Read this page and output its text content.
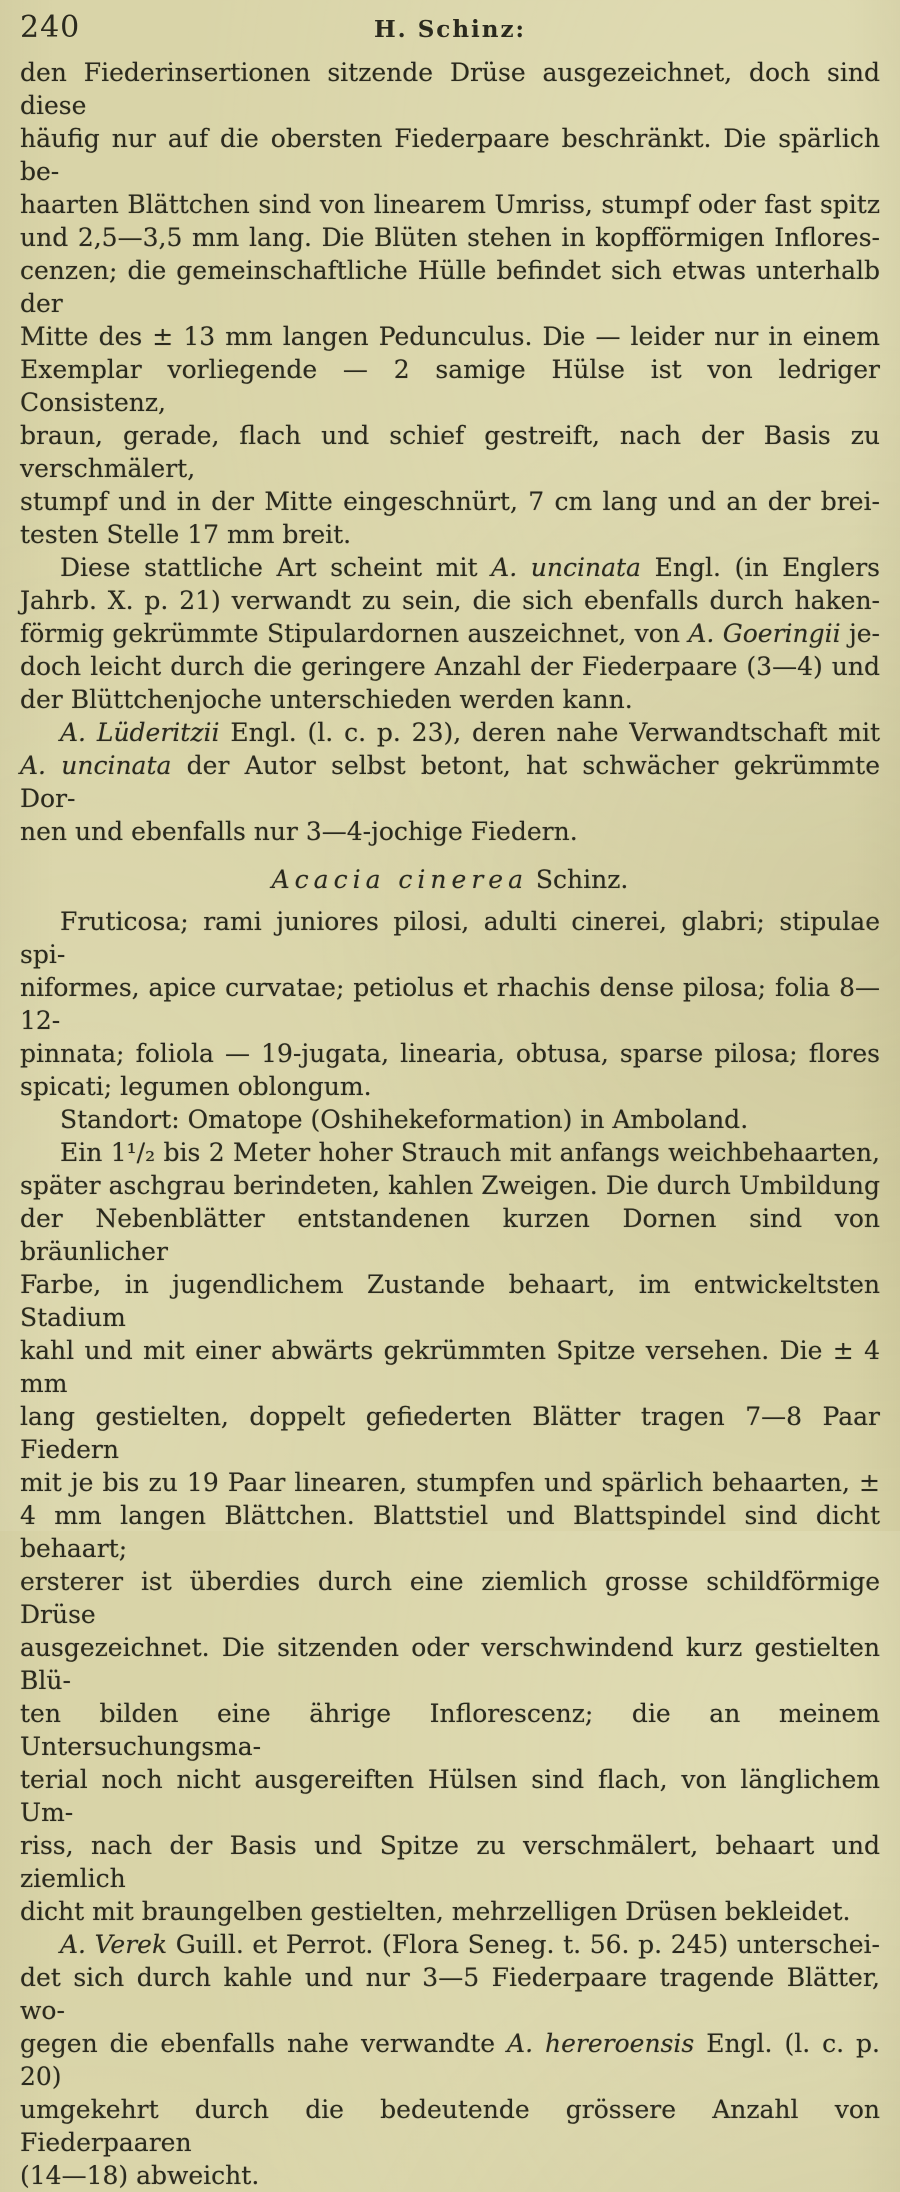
240	H. Schinz:
den Fiederinsertionen sitzende Drüse ausgezeichnet, doch sind diese
häufig nur auf die obersten Fiederpaare beschränkt. Die spärlich be-
haarten Blättchen sind von linearem Umriss, stumpf oder fast spitz
und 2,5—3,5 mm lang. Die Blüten stehen in kopfförmigen Inflores-
cenzen; die gemeinschaftliche Hülle befindet sich etwas unterhalb der
Mitte des ± 13 mm langen Pedunculus. Die — leider nur in einem
Exemplar vorliegende — 2 samige Hülse ist von ledriger Consistenz,
braun, gerade, flach und schief gestreift, nach der Basis zu verschmälert,
stumpf und in der Mitte eingeschnürt, 7 cm lang und an der brei-
testen Stelle 17 mm breit.
Diese stattliche Art scheint mit A. uncinata Engl. (in Englers
Jahrb. X. p. 21) verwandt zu sein, die sich ebenfalls durch haken-
förmig gekrümmte Stipulardornen auszeichnet, von A. Goeringii je-
doch leicht durch die geringere Anzahl der Fiederpaare (3—4) und
der Blüttchenjoche unterschieden werden kann.
A. Lüderitzii Engl. (l. c. p. 23), deren nahe Verwandtschaft mit
A. uncinata der Autor selbst betont, hat schwächer gekrümmte Dor-
nen und ebenfalls nur 3—4-jochige Fiedern.
Acacia cinerea Schinz.
Fruticosa; rami juniores pilosi, adulti cinerei, glabri; stipulae spi-
niformes, apice curvatae; petiolus et rhachis dense pilosa; folia 8—12-
pinnata; foliola — 19-jugata, linearia, obtusa, sparse pilosa; flores
spicati; legumen oblongum.
Standort: Omatope (Oshihekeformation) in Amboland.
Ein 1¹/₂ bis 2 Meter hoher Strauch mit anfangs weichbehaarten,
später aschgrau berindeten, kahlen Zweigen. Die durch Umbildung
der Nebenblätter entstandenen kurzen Dornen sind von bräunlicher
Farbe, in jugendlichem Zustande behaart, im entwickeltsten Stadium
kahl und mit einer abwärts gekrümmten Spitze versehen. Die ± 4 mm
lang gestielten, doppelt gefiederten Blätter tragen 7—8 Paar Fiedern
mit je bis zu 19 Paar linearen, stumpfen und spärlich behaarten, ±
4 mm langen Blättchen. Blattstiel und Blattspindel sind dicht behaart;
ersterer ist überdies durch eine ziemlich grosse schildförmige Drüse
ausgezeichnet. Die sitzenden oder verschwindend kurz gestielten Blü-
ten bilden eine ährige Inflorescenz; die an meinem Untersuchungsma-
terial noch nicht ausgereiften Hülsen sind flach, von länglichem Um-
riss, nach der Basis und Spitze zu verschmälert, behaart und ziemlich
dicht mit braungelben gestielten, mehrzelligen Drüsen bekleidet.
A. Verek Guill. et Perrot. (Flora Seneg. t. 56. p. 245) unterschei-
det sich durch kahle und nur 3—5 Fiederpaare tragende Blätter, wo-
gegen die ebenfalls nahe verwandte A. hereroensis Engl. (l. c. p. 20)
umgekehrt durch die bedeutende grössere Anzahl von Fiederpaaren
(14—18) abweicht.
